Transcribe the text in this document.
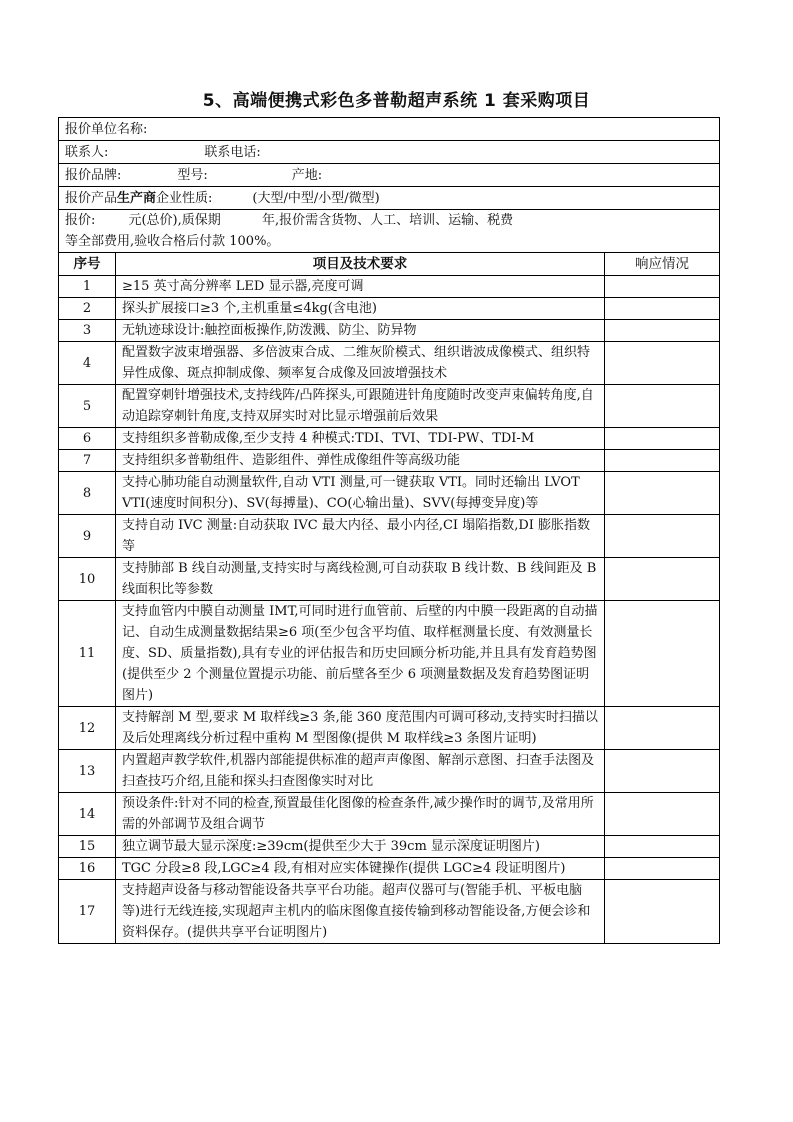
5、高端便携式彩色多普勒超声系统 1 套采购项目
报价单位名称:		
联系人: 联系电话:		
报价品牌: 型号: 产地:		
报价产品生产商企业性质: (大型/中型/小型/微型)		

报价:        元(总价),质保期          年,报价需含货物、人工、培训、运输、税费
等全部费用,验收合格后付款 100%。		

序号	项目及技术要求	响应情况
1	≥15 英寸高分辨率 LED 显示器,亮度可调	
2	探头扩展接口≥3 个,主机重量≤4kg(含电池)	
3	无轨迹球设计:触控面板操作,防泼溅、防尘、防异物	
4	配置数字波束增强器、多倍波束合成、二维灰阶模式、组织谐波成像模式、组织特异性成像、斑点抑制成像、频率复合成像及回波增强技术	
5	配置穿刺针增强技术,支持线阵/凸阵探头,可跟随进针角度随时改变声束偏转角度,自动追踪穿刺针角度,支持双屏实时对比显示增强前后效果	
6	支持组织多普勒成像,至少支持 4 种模式:TDI、TVI、TDI-PW、TDI-M	
7	支持组织多普勒组件、造影组件、弹性成像组件等高级功能	
8	支持心肺功能自动测量软件,自动 VTI 测量,可一键获取 VTI。同时还输出 LVOT VTI(速度时间积分)、SV(每搏量)、CO(心输出量)、SVV(每搏变异度)等	
9	支持自动 IVC 测量:自动获取 IVC 最大内径、最小内径,CI 塌陷指数,DI 膨胀指数等	
10	支持肺部 B 线自动测量,支持实时与离线检测,可自动获取 B 线计数、B 线间距及 B 线面积比等参数	
11	支持血管内中膜自动测量 IMT,可同时进行血管前、后壁的内中膜一段距离的自动描记、自动生成测量数据结果≥6 项(至少包含平均值、取样框测量长度、有效测量长度、SD、质量指数),具有专业的评估报告和历史回顾分析功能,并且具有发育趋势图(提供至少 2 个测量位置提示功能、前后壁各至少 6 项测量数据及发育趋势图证明图片)	
12	支持解剖 M 型,要求 M 取样线≥3 条,能 360 度范围内可调可移动,支持实时扫描以及后处理离线分析过程中重构 M 型图像(提供 M 取样线≥3 条图片证明)	
13	内置超声教学软件,机器内部能提供标准的超声声像图、解剖示意图、扫查手法图及扫查技巧介绍,且能和探头扫查图像实时对比	
14	预设条件:针对不同的检查,预置最佳化图像的检查条件,减少操作时的调节,及常用所需的外部调节及组合调节	
15	独立调节最大显示深度:≥39cm(提供至少大于 39cm 显示深度证明图片)	
16	TGC 分段≥8 段,LGC≥4 段,有相对应实体键操作(提供 LGC≥4 段证明图片)	
17	支持超声设备与移动智能设备共享平台功能。超声仪器可与(智能手机、平板电脑等)进行无线连接,实现超声主机内的临床图像直接传输到移动智能设备,方便会诊和资料保存。(提供共享平台证明图片)	
